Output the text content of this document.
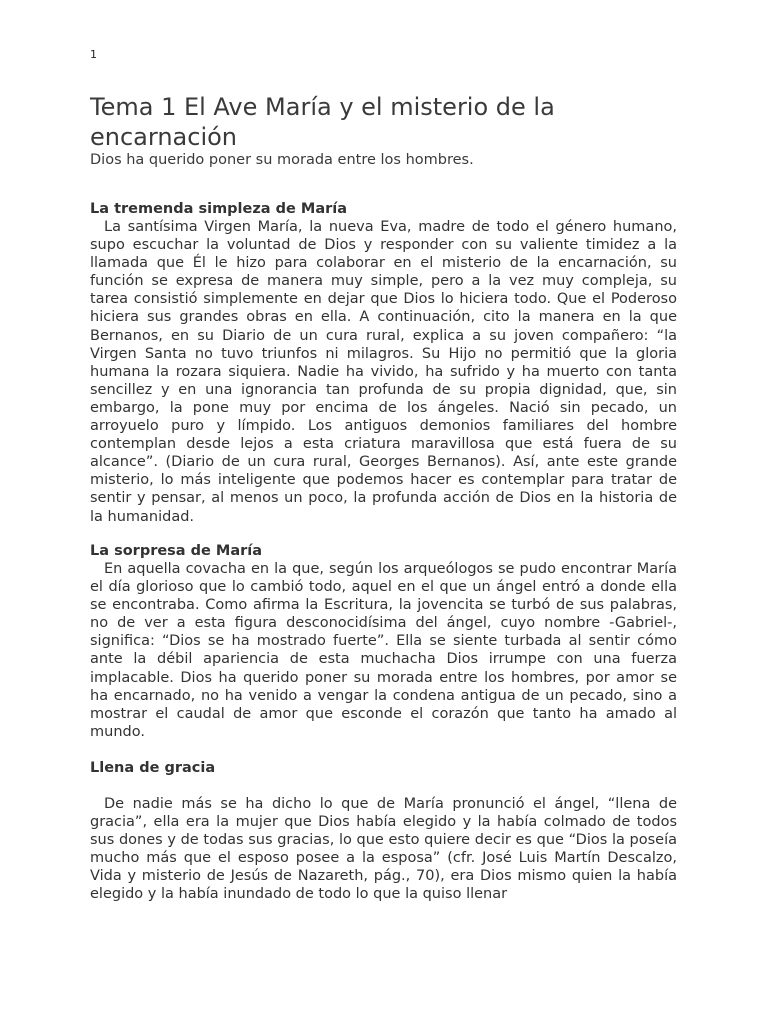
1
Tema 1 El Ave María y el misterio de la encarnación

Dios ha querido poner su morada entre los hombres.

La tremenda simpleza de María

La santísima Virgen María, la nueva Eva, madre de todo el género humano, supo escuchar la voluntad de Dios y responder con su valiente timidez a la llamada que Él le hizo para colaborar en el misterio de la encarnación, su función se expresa de manera muy simple, pero a la vez muy compleja, su tarea consistió simplemente en dejar que Dios lo hiciera todo. Que el Poderoso hiciera sus grandes obras en ella. A continuación, cito la manera en la que Bernanos, en su Diario de un cura rural, explica a su joven compañero: “la Virgen Santa no tuvo triunfos ni milagros. Su Hijo no permitió que la gloria humana la rozara siquiera. Nadie ha vivido, ha sufrido y ha muerto con tanta sencillez y en una ignorancia tan profunda de su propia dignidad, que, sin embargo, la pone muy por encima de los ángeles. Nació sin pecado, un arroyuelo puro y límpido. Los antiguos demonios familiares del hombre contemplan desde lejos a esta criatura maravillosa que está fuera de su alcance”. (Diario de un cura rural, Georges Bernanos). Así, ante este grande misterio, lo más inteligente que podemos hacer es contemplar para tratar de sentir y pensar, al menos un poco, la profunda acción de Dios en la historia de la humanidad.

La sorpresa de María

En aquella covacha en la que, según los arqueólogos se pudo encontrar María el día glorioso que lo cambió todo, aquel en el que un ángel entró a donde ella se encontraba. Como afirma la Escritura, la jovencita se turbó de sus palabras, no de ver a esta figura desconocidísima del ángel, cuyo nombre -Gabriel-, significa: “Dios se ha mostrado fuerte”. Ella se siente turbada al sentir cómo ante la débil apariencia de esta muchacha Dios irrumpe con una fuerza implacable. Dios ha querido poner su morada entre los hombres, por amor se ha encarnado, no ha venido a vengar la condena antigua de un pecado, sino a mostrar el caudal de amor que esconde el corazón que tanto ha amado al mundo.

Llena de gracia

De nadie más se ha dicho lo que de María pronunció el ángel, “llena de gracia”, ella era la mujer que Dios había elegido y la había colmado de todos sus dones y de todas sus gracias, lo que esto quiere decir es que “Dios la poseía mucho más que el esposo posee a la esposa” (cfr. José Luis Martín Descalzo, Vida y misterio de Jesús de Nazareth, pág., 70), era Dios mismo quien la había elegido y la había inundado de todo lo que la quiso llenar
